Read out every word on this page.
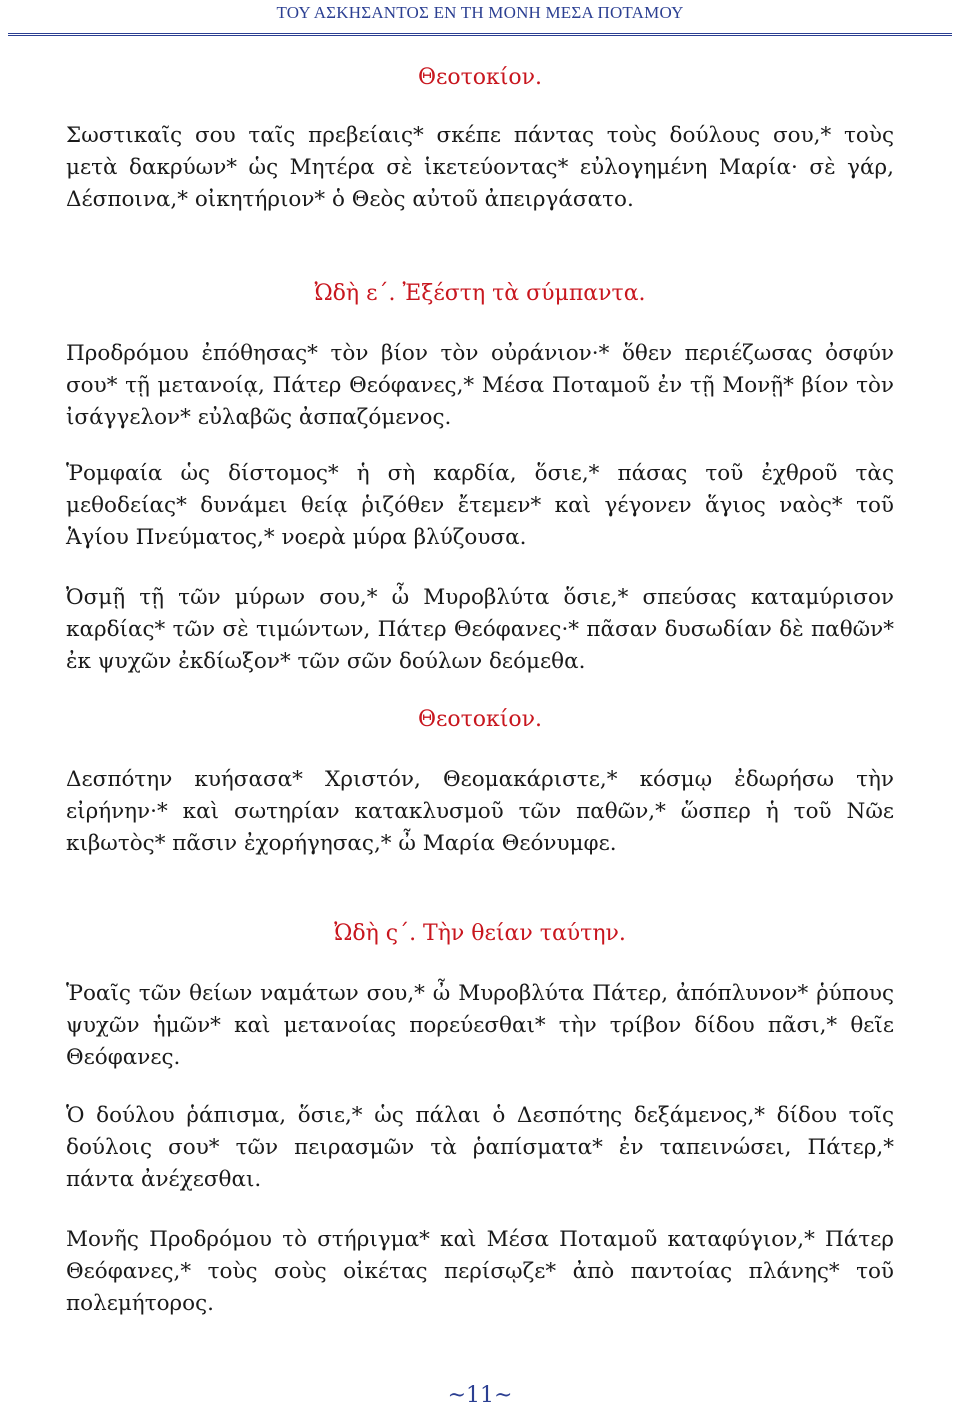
ΤΟΥ ΑΣΚΗΣΑΝΤΟΣ ΕΝ ΤΗ ΜΟΝΗ ΜΕΣΑ ΠΟΤΑΜΟΥ
Θεοτοκίον.

Σωστικαῖς σου ταῖς πρεβείαις* σκέπε πάντας τοὺς δούλους σου,* τοὺς μετὰ δακρύων* ὡς Μητέρα σὲ ἱκετεύοντας* εὐλογημένη Μαρία· σὲ γάρ, Δέσποινα,* οἰκητήριον* ὁ Θεὸς αὐτοῦ ἀπειργάσατο.

Ὠδὴ ε΄. Ἐξέστη τὰ σύμπαντα.

Προδρόμου ἐπόθησας* τὸν βίον τὸν οὐράνιον·* ὅθεν περιέζωσας ὀσφύν σου* τῇ μετανοίᾳ, Πάτερ Θεόφανες,* Μέσα Ποταμοῦ ἐν τῇ Μονῇ* βίον τὸν ἰσάγγελον* εὐλαβῶς ἀσπαζόμενος.

Ῥομφαία ὡς δίστομος* ἡ σὴ καρδία, ὅσιε,* πάσας τοῦ ἐχθροῦ τὰς μεθοδείας* δυνάμει θείᾳ ῥιζόθεν ἔτεμεν* καὶ γέγονεν ἅγιος ναὸς* τοῦ Ἁγίου Πνεύματος,* νοερὰ μύρα βλύζουσα.

Ὀσμῇ τῇ τῶν μύρων σου,* ὦ Μυροβλύτα ὅσιε,* σπεύσας καταμύρισον καρδίας* τῶν σὲ τιμώντων, Πάτερ Θεόφανες·* πᾶσαν δυσωδίαν δὲ παθῶν* ἐκ ψυχῶν ἐκδίωξον* τῶν σῶν δούλων δεόμεθα.

Θεοτοκίον.

Δεσπότην κυήσασα* Χριστόν, Θεομακάριστε,* κόσμῳ ἐδωρήσω τὴν εἰρήνην·* καὶ σωτηρίαν κατακλυσμοῦ τῶν παθῶν,* ὥσπερ ἡ τοῦ Νῶε κιβωτὸς* πᾶσιν ἐχορήγησας,* ὦ Μαρία Θεόνυμφε.

Ὠδὴ ς΄. Τὴν θείαν ταύτην.

Ῥοαῖς τῶν θείων ναμάτων σου,* ὦ Μυροβλύτα Πάτερ, ἀπόπλυνον* ῥύπους ψυχῶν ἡμῶν* καὶ μετανοίας πορεύεσθαι* τὴν τρίβον δίδου πᾶσι,* θεῖε Θεόφανες.

Ὁ δούλου ῥάπισμα, ὅσιε,* ὡς πάλαι ὁ Δεσπότης δεξάμενος,* δίδου τοῖς δούλοις σου* τῶν πειρασμῶν τὰ ῥαπίσματα* ἐν ταπεινώσει, Πάτερ,* πάντα ἀνέχεσθαι.

Μονῆς Προδρόμου τὸ στήριγμα* καὶ Μέσα Ποταμοῦ καταφύγιον,* Πάτερ Θεόφανες,* τοὺς σοὺς οἰκέτας περίσῳζε* ἀπὸ παντοίας πλάνης* τοῦ πολεμήτορος.

~11~
